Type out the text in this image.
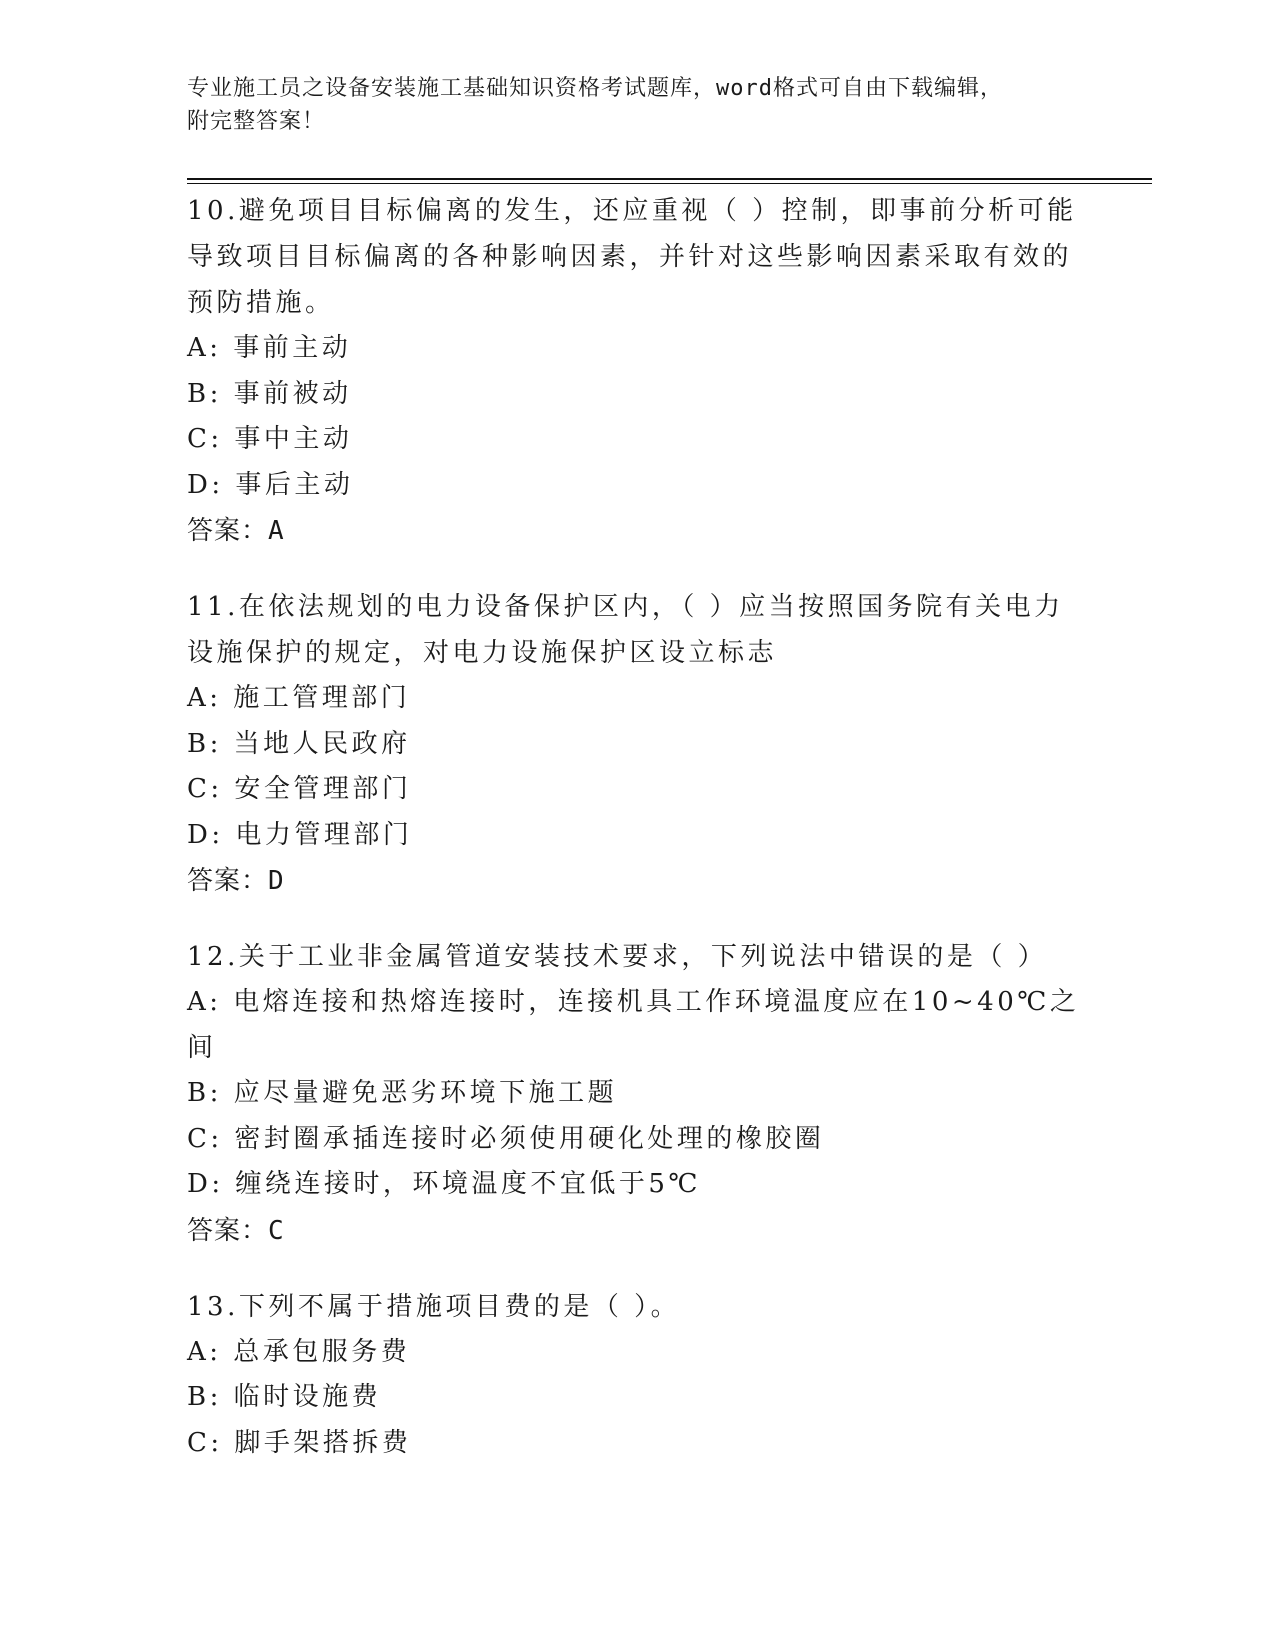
专业施工员之设备安装施工基础知识资格考试题库，word格式可自由下载编辑，
附完整答案！

10.避免项目目标偏离的发生，还应重视（ ）控制，即事前分析可能

导致项目目标偏离的各种影响因素，并针对这些影响因素采取有效的

预防措施。

A: 事前主动

B: 事前被动

C: 事中主动

D: 事后主动

答案：A

11.在依法规划的电力设备保护区内，（ ）应当按照国务院有关电力

设施保护的规定，对电力设施保护区设立标志

A: 施工管理部门

B: 当地人民政府

C: 安全管理部门

D: 电力管理部门

答案：D

12.关于工业非金属管道安装技术要求，下列说法中错误的是（ ）

A: 电熔连接和热熔连接时，连接机具工作环境温度应在10~40℃之间

B: 应尽量避免恶劣环境下施工题

C: 密封圈承插连接时必须使用硬化处理的橡胶圈

D: 缠绕连接时，环境温度不宜低于5℃

答案：C

13.下列不属于措施项目费的是（ ）。

A: 总承包服务费

B: 临时设施费

C: 脚手架搭拆费
